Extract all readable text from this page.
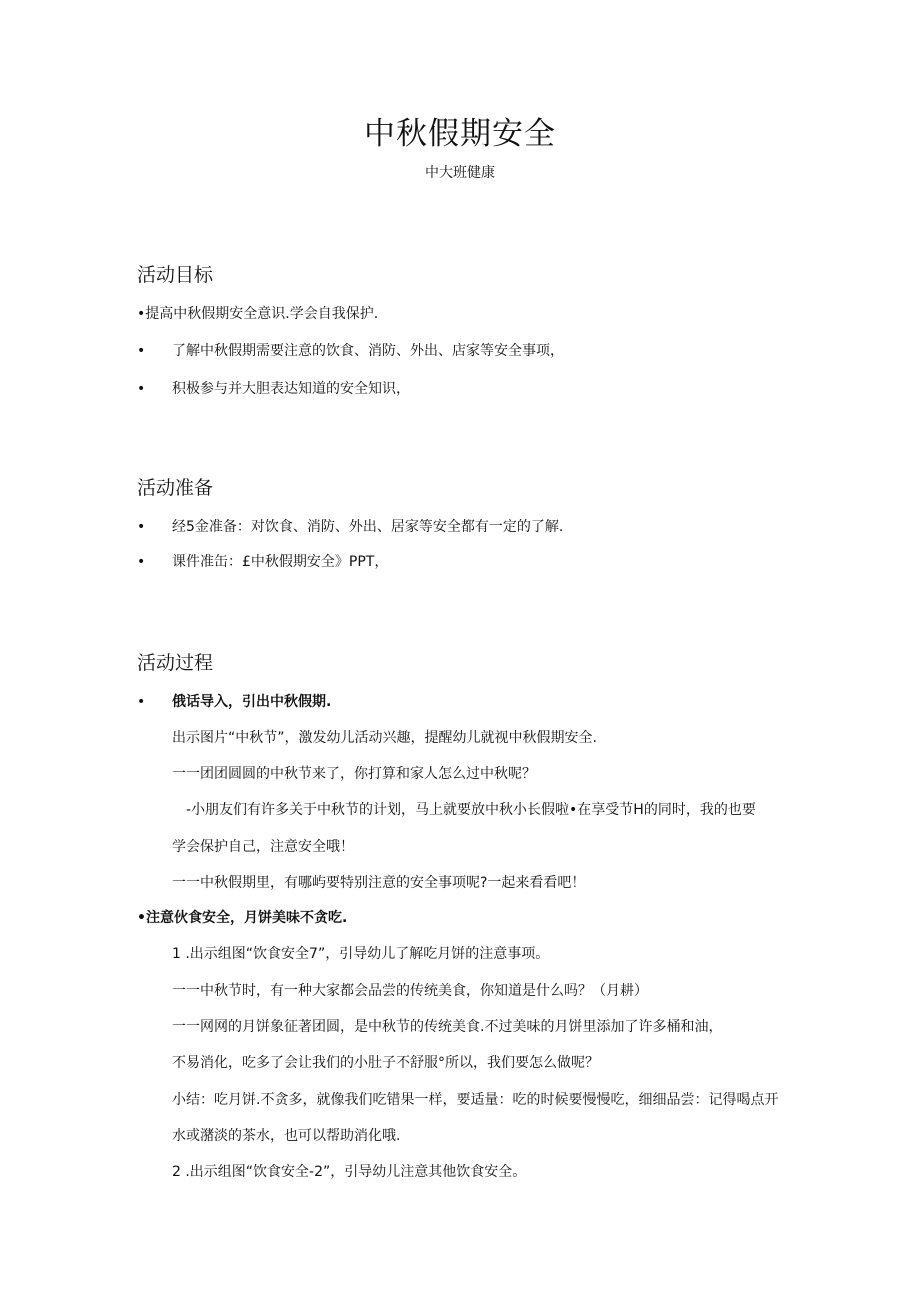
中秋假期安全
中大班健康
活动目标
•提高中秋假期安全意识.学会自我保护.
• 了解中秋假期需要注意的饮食、消防、外出、店家等安全事项，
• 积极参与并大胆表达知道的安全知识，
活动准备
• 经5金准备：对饮食、消防、外出、居家等安全都有一定的了解.
• 课件准缶：£中秋假期安全》PPT，
活动过程
• 俄话导入，引出中秋假期.
出示图片“中秋节”，激发幼儿活动兴趣，提醒幼儿就视中秋假期安全.
一一团团圆圆的中秋节来了，你打算和家人怎么过中秋呢？
-小朋友们有许多关于中秋节的计划，马上就要放中秋小长假啦•在享受节H的同时，我的也要
学会保护自己，注意安全哦！
一一中秋假期里，有哪屿要特别注意的安全事项呢?一起来看看吧！
•注意伙食安全，月饼美味不贪吃.
1 .出示组图“饮食安全7”，引导幼儿了解吃月饼的注意事项。
一一中秋节时，有一种大家都会品尝的传统美食，你知道是什么吗？（月耕）
一一网网的月饼象征著团圆，是中秋节的传统美食.不过美味的月饼里添加了许多桶和油，
不易消化，吃多了会让我们的小肚子不舒服°所以，我们要怎么做呢？
小结：吃月饼.不贪多，就像我们吃错果一样，要适量：吃的时候要慢慢吃，细细品尝：记得喝点开
水或潴淡的茶水，也可以帮助消化哦.
2 .出示组图“饮食安全-2”，引导幼儿注意其他饮食安全。
